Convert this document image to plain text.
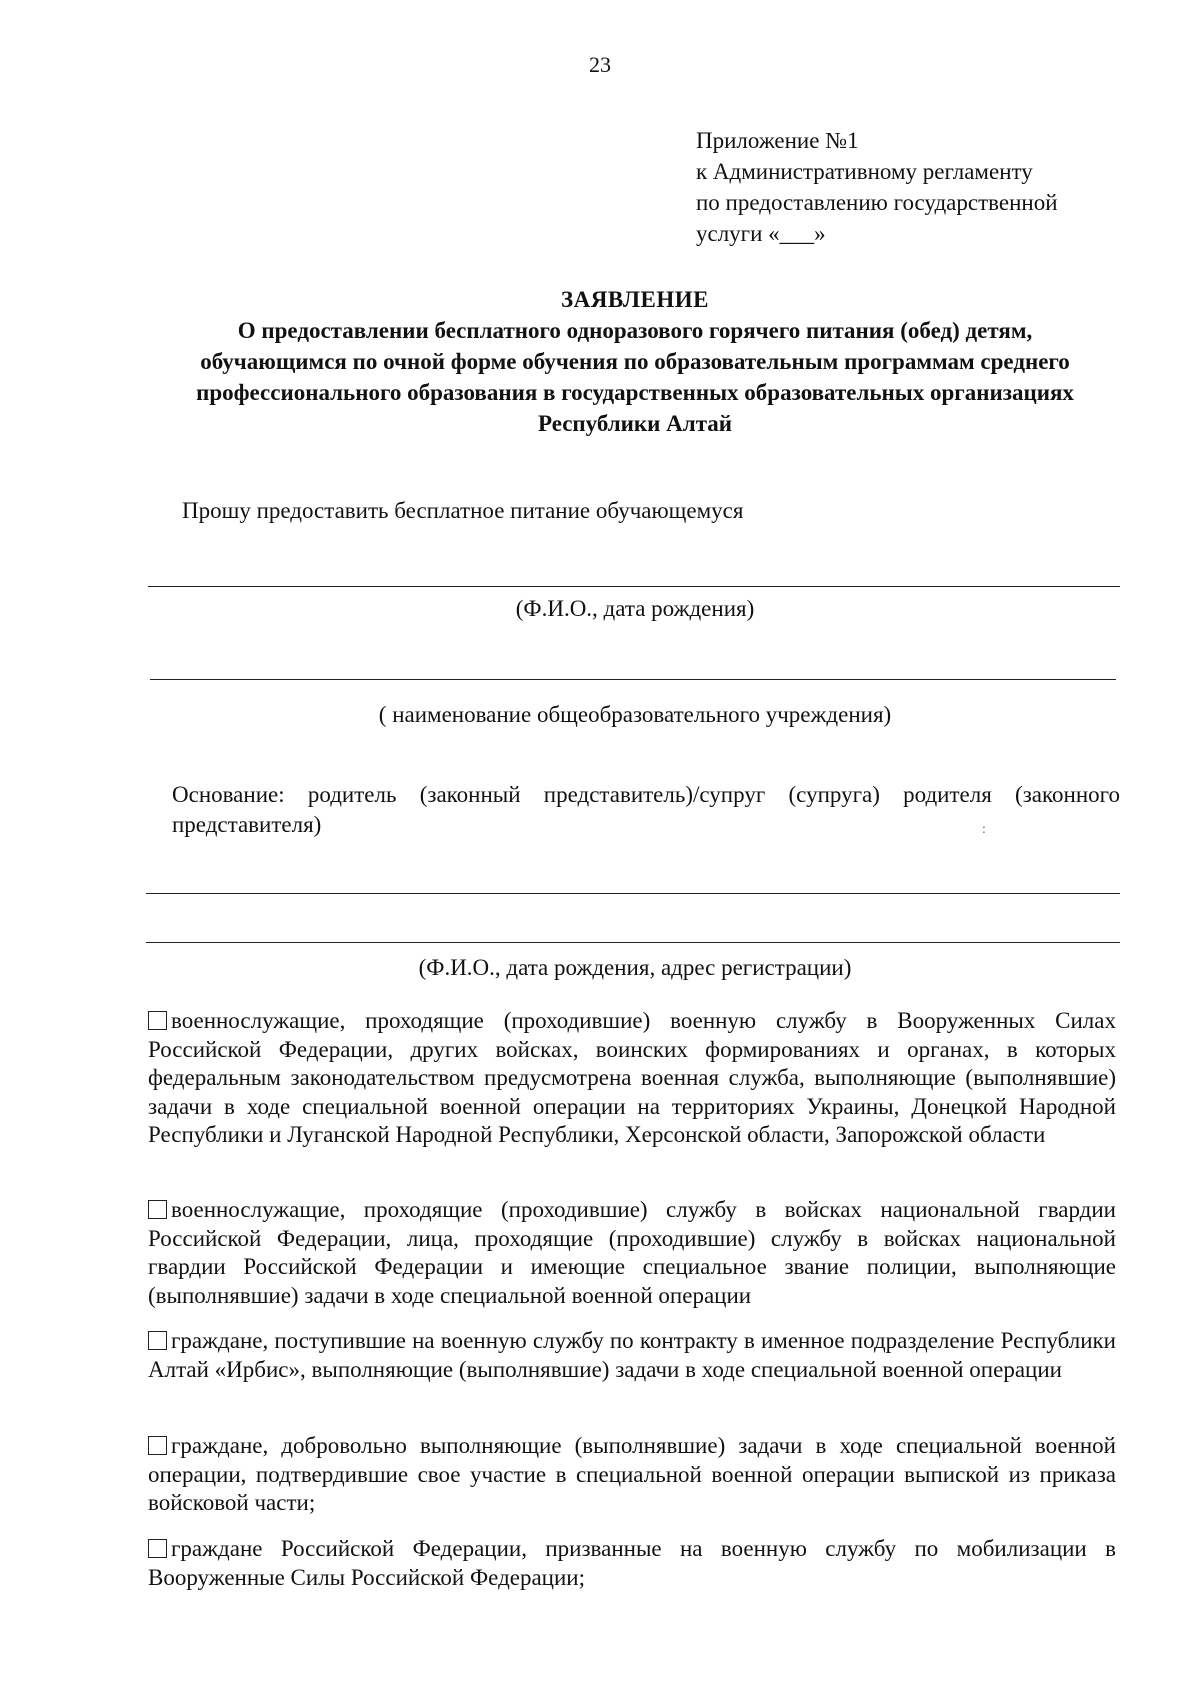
23
Приложение №1
к Административному регламенту
по предоставлению государственной
услуги «___»
ЗАЯВЛЕНИЕ
О предоставлении бесплатного одноразового горячего питания (обед) детям,
обучающимся по очной форме обучения по образовательным программам среднего
профессионального образования в государственных образовательных организациях
Республики Алтай
Прошу предоставить бесплатное питание обучающемуся
(Ф.И.О., дата рождения)
( наименование общеобразовательного учреждения)
Основание: родитель (законный представитель)/супруг (супруга) родителя (законного
представителя)	:
(Ф.И.О., дата рождения, адрес регистрации)
военнослужащие, проходящие (проходившие) военную службу в Вооруженных Силах Российской Федерации, других войсках, воинских формированиях и органах, в которых федеральным законодательством предусмотрена военная служба, выполняющие (выполнявшие) задачи в ходе специальной военной операции на территориях Украины, Донецкой Народной Республики и Луганской Народной Республики, Херсонской области, Запорожской области
военнослужащие, проходящие (проходившие) службу в войсках национальной гвардии Российской Федерации, лица, проходящие (проходившие) службу в войсках национальной гвардии Российской Федерации и имеющие специальное звание полиции, выполняющие (выполнявшие) задачи в ходе специальной военной операции
граждане, поступившие на военную службу по контракту в именное подразделение Республики Алтай «Ирбис», выполняющие (выполнявшие) задачи в ходе специальной военной операции
граждане, добровольно выполняющие (выполнявшие) задачи в ходе специальной военной операции, подтвердившие свое участие в специальной военной операции выпиской из приказа войсковой части;
граждане Российской Федерации, призванные на военную службу по мобилизации в Вооруженные Силы Российской Федерации;
